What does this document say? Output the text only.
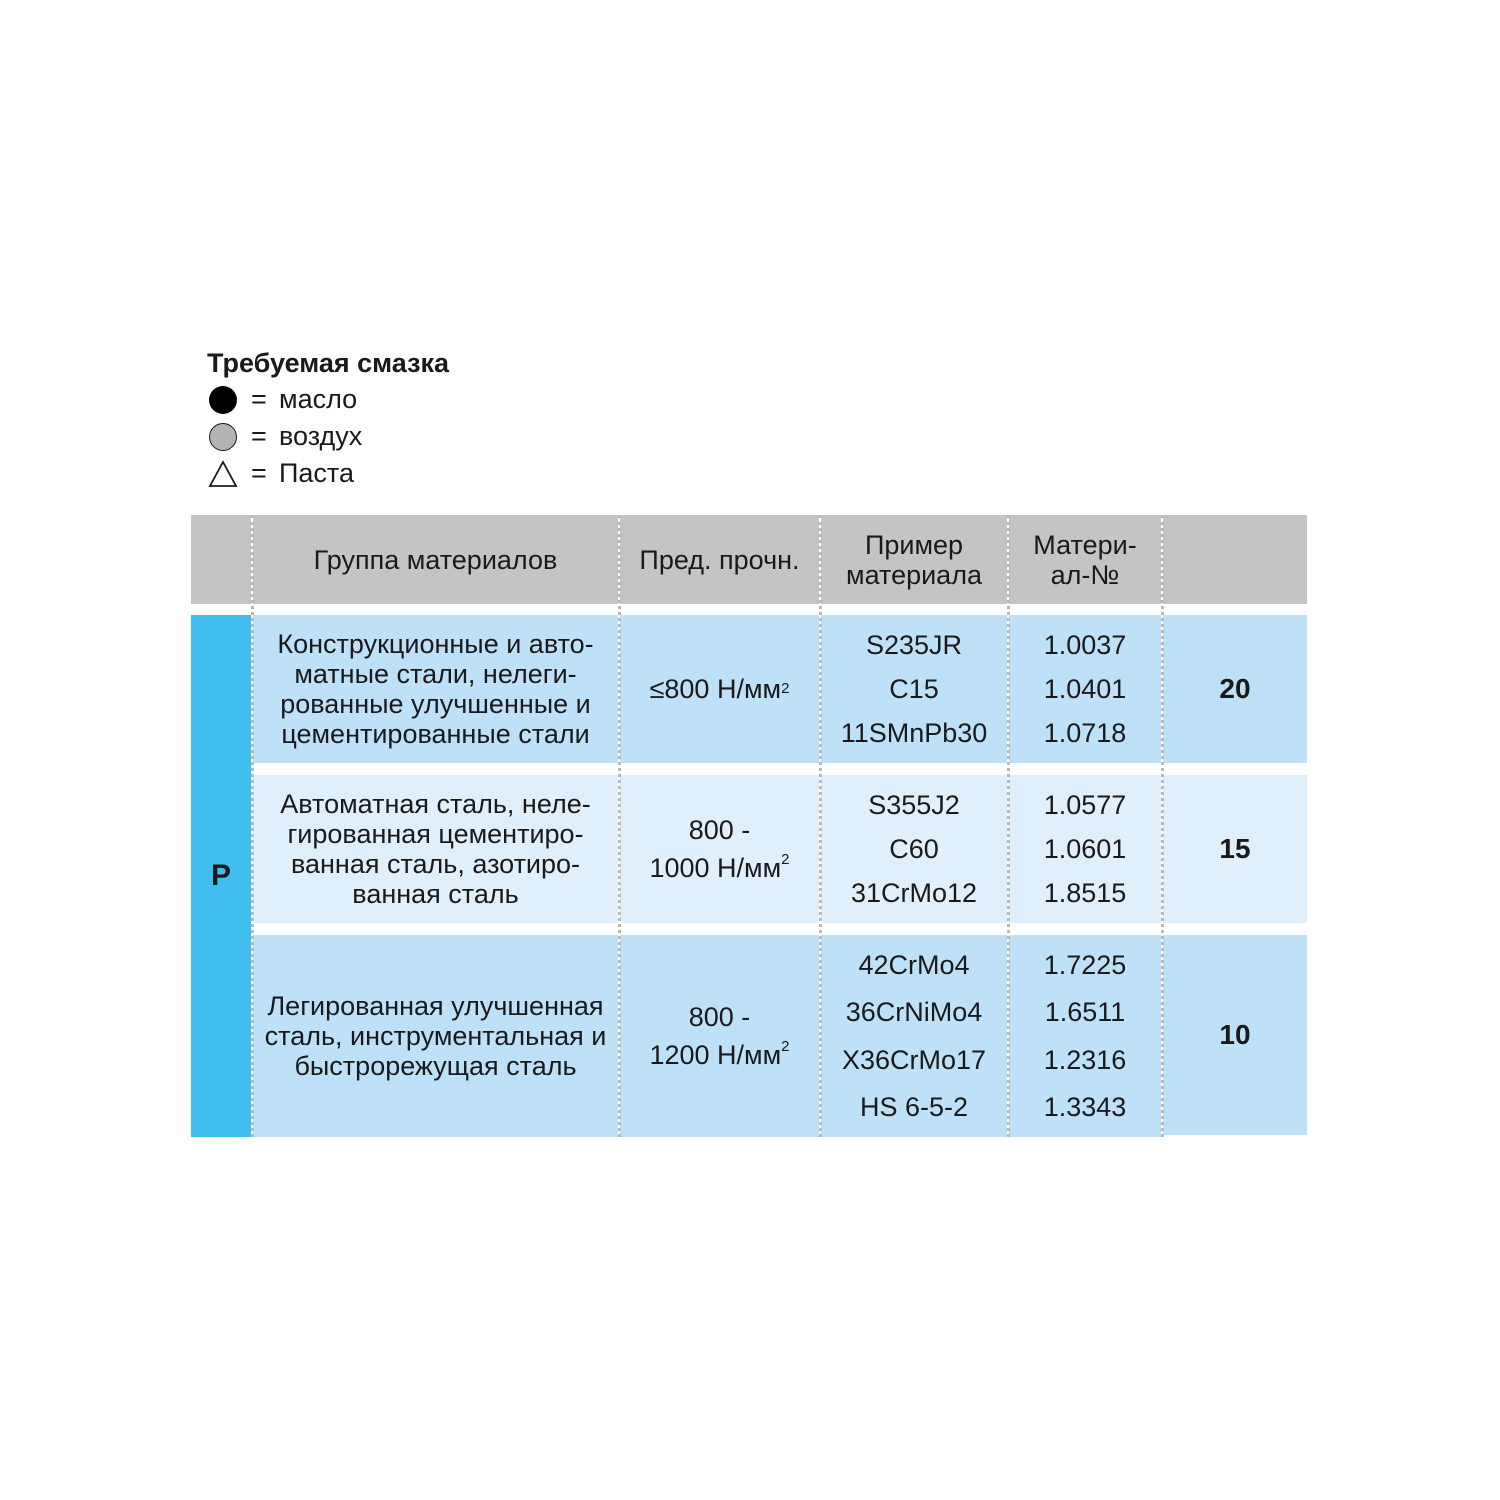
Требуемая смазка
= масло
= воздух
= Паста
Группа материалов	Пред. прочн.	Пример материала
Матери-ал-№
P
Конструкционные и авто-матные стали, нелеги-рованные улучшенные и цементированные стали
≤800 Н/мм 2
S235JR
C15
11SMnPb30
1.0037
1.0401
1.0718
20
Автоматная сталь, неле-гированная цементиро-ванная сталь, азотиро-ванная сталь
800 -
1000 $Н/мм^2$
S355J2
C60
31CrMo12
1.0577
1.0601
1.8515
15
Легированная улучшенная сталь, инструментальная и быстрорежущая сталь
800 -
1200 $Н/мм^2$
42CrMo4
36CrNiMo4
X36CrMo17
HS 6-5-2
1.7225
1.6511
1.2316
1.3343
10
